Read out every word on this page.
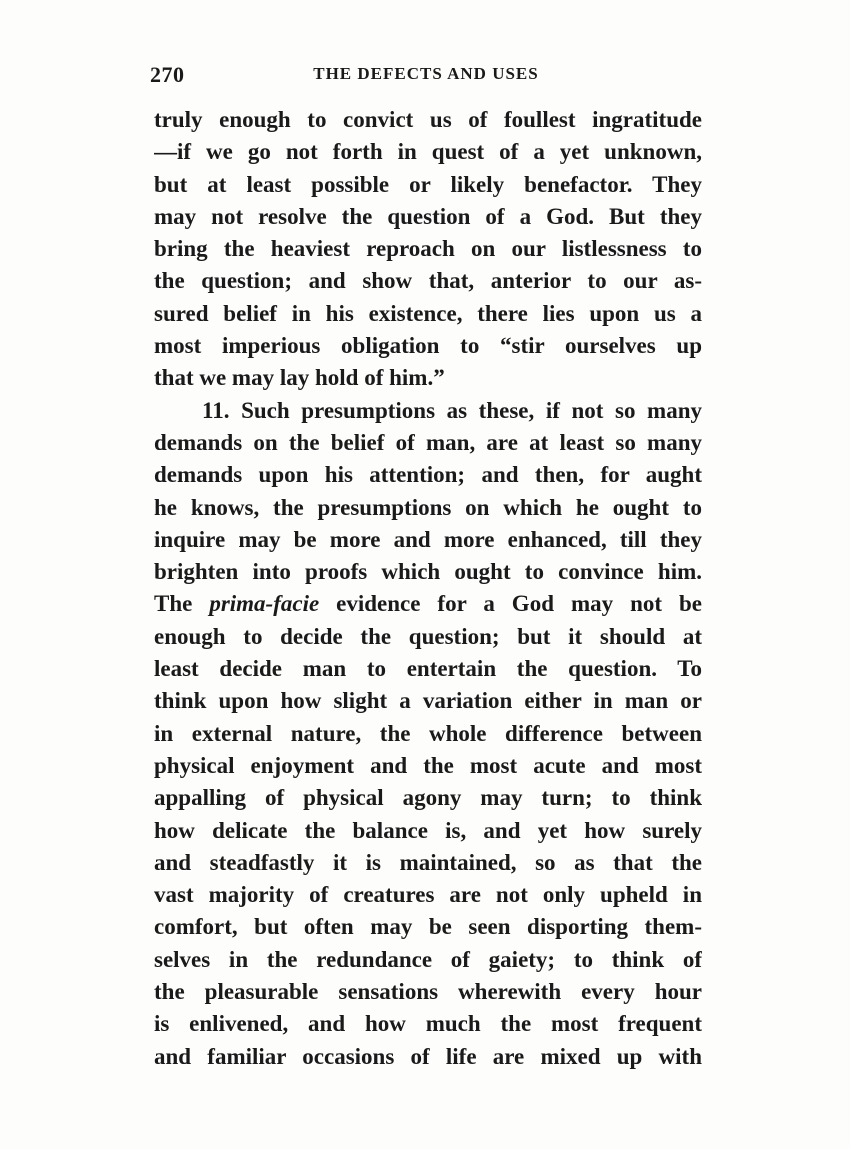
270	THE DEFECTS AND USES
truly enough to convict us of foullest ingratitude
—if we go not forth in quest of a yet unknown,
but at least possible or likely benefactor. They
may not resolve the question of a God. But they
bring the heaviest reproach on our listlessness to
the question; and show that, anterior to our as-
sured belief in his existence, there lies upon us a
most imperious obligation to “stir ourselves up
that we may lay hold of him.”
11. Such presumptions as these, if not so many
demands on the belief of man, are at least so many
demands upon his attention; and then, for aught
he knows, the presumptions on which he ought to
inquire may be more and more enhanced, till they
brighten into proofs which ought to convince him.
The prima-facie evidence for a God may not be
enough to decide the question; but it should at
least decide man to entertain the question. To
think upon how slight a variation either in man or
in external nature, the whole difference between
physical enjoyment and the most acute and most
appalling of physical agony may turn; to think
how delicate the balance is, and yet how surely
and steadfastly it is maintained, so as that the
vast majority of creatures are not only upheld in
comfort, but often may be seen disporting them-
selves in the redundance of gaiety; to think of
the pleasurable sensations wherewith every hour
is enlivened, and how much the most frequent
and familiar occasions of life are mixed up with
